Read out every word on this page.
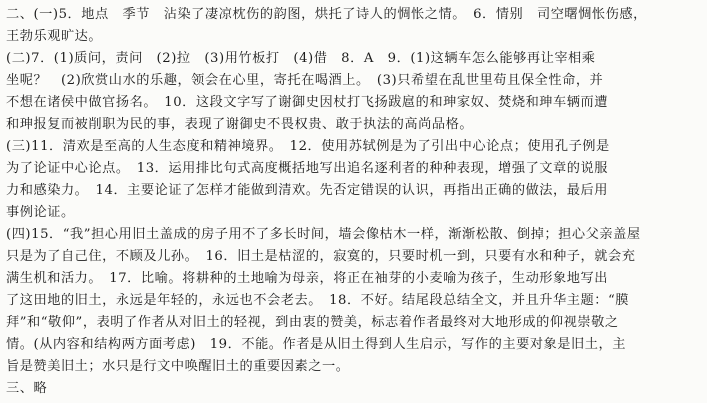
二、(一)5．地点　季节　沾染了凄凉枕伤的韵图，烘托了诗人的惆怅之情。　6．情别　司空曙惆怅伤感，
王勃乐观旷达。
(二)7．(1)质问，责问　(2)拉　(3)用竹板打　(4)借　8．A　9．(1)这辆车怎么能够再让宰相乘
坐呢？　(2)欣赏山水的乐趣，领会在心里，寄托在喝酒上。　(3)只希望在乱世里苟且保全性命，并
不想在诸侯中做官扬名。　10．这段文字写了谢御史因杖打飞扬跋扈的和珅家奴、焚烧和珅车辆而遭
和珅报复而被削职为民的事，表现了谢御史不畏权贵、敢于执法的高尚品格。
(三)11．清欢是至高的人生态度和精神境界。　12．使用苏轼例是为了引出中心论点；使用孔子例是
为了论证中心论点。　13．运用排比句式高度概括地写出追名逐利者的种种表现，增强了文章的说服
力和感染力。　14．主要论证了怎样才能做到清欢。先否定错误的认识，再指出正确的做法，最后用
事例论证。
(四)15．“我”担心用旧土盖成的房子用不了多长时间，墙会像枯木一样，渐渐松散、倒掉；担心父亲盖屋
只是为了自己住，不顾及儿孙。　16．旧土是枯涩的，寂寞的，只要时机一到，只要有水和种子，就会充
满生机和活力。　17．比喻。将耕种的土地喻为母亲，将正在袖芽的小麦喻为孩子，生动形象地写出
了这田地的旧土，永远是年轻的，永远也不会老去。　18．不好。结尾段总结全文，并且升华主题：“膜
拜”和“敬仰”，表明了作者从对旧土的轻视，到由衷的赞美，标志着作者最终对大地形成的仰视崇敬之
情。(从内容和结构两方面考虑)　19．不能。作者是从旧土得到人生启示，写作的主要对象是旧土，主
旨是赞美旧土；水只是行文中唤醒旧土的重要因素之一。
三、略
